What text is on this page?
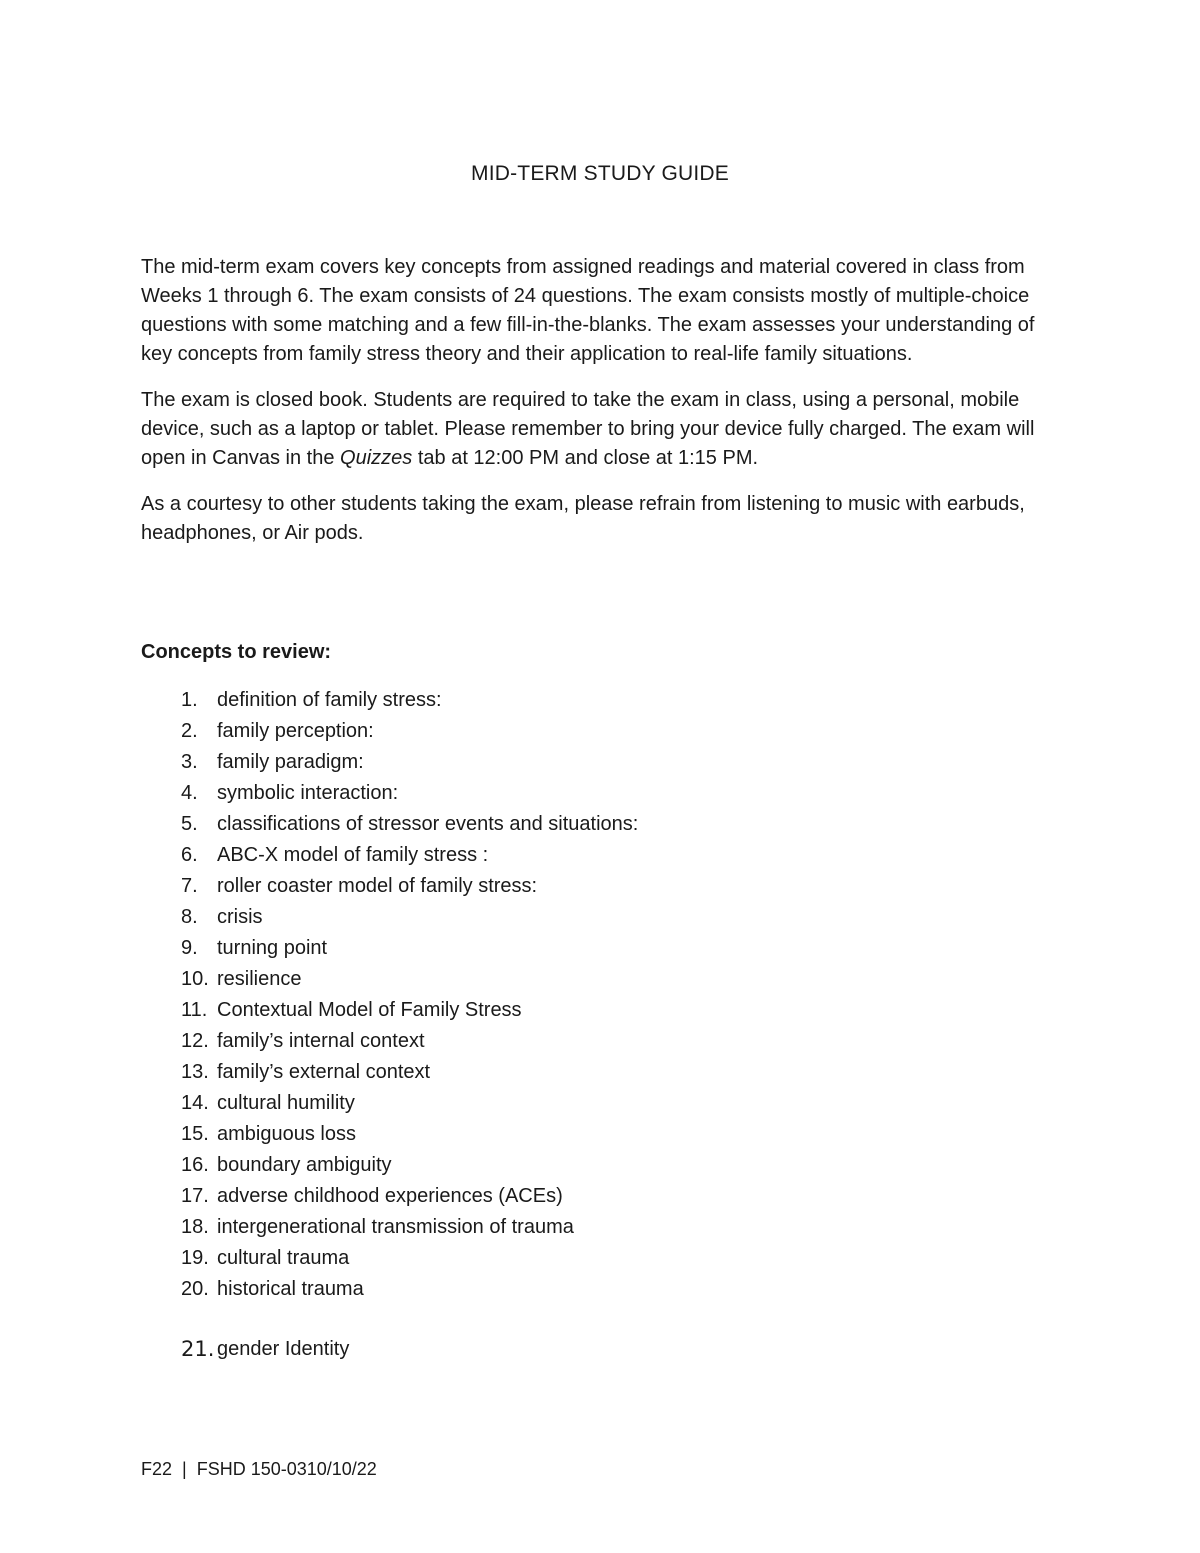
MID-TERM STUDY GUIDE

The mid-term exam covers key concepts from assigned readings and material covered in class from Weeks 1 through 6. The exam consists of 24 questions. The exam consists mostly of multiple-choice questions with some matching and a few fill-in-the-blanks. The exam assesses your understanding of key concepts from family stress theory and their application to real-life family situations.

The exam is closed book. Students are required to take the exam in class, using a personal, mobile device, such as a laptop or tablet. Please remember to bring your device fully charged. The exam will open in Canvas in the Quizzes tab at 12:00 PM and close at 1:15 PM.

As a courtesy to other students taking the exam, please refrain from listening to music with earbuds, headphones, or Air pods.

Concepts to review:
1. definition of family stress:
2. family perception:
3. family paradigm:
4. symbolic interaction:
5. classifications of stressor events and situations:
6. ABC-X model of family stress :
7. roller coaster model of family stress:
8. crisis
9. turning point
10. resilience
11. Contextual Model of Family Stress
12. family’s internal context
13. family’s external context
14. cultural humility
15. ambiguous loss
16. boundary ambiguity
17. adverse childhood experiences (ACEs)
18. intergenerational transmission of trauma
19. cultural trauma
20. historical trauma
21. gender Identity
F22  |  FSHD 150-0310/10/22
